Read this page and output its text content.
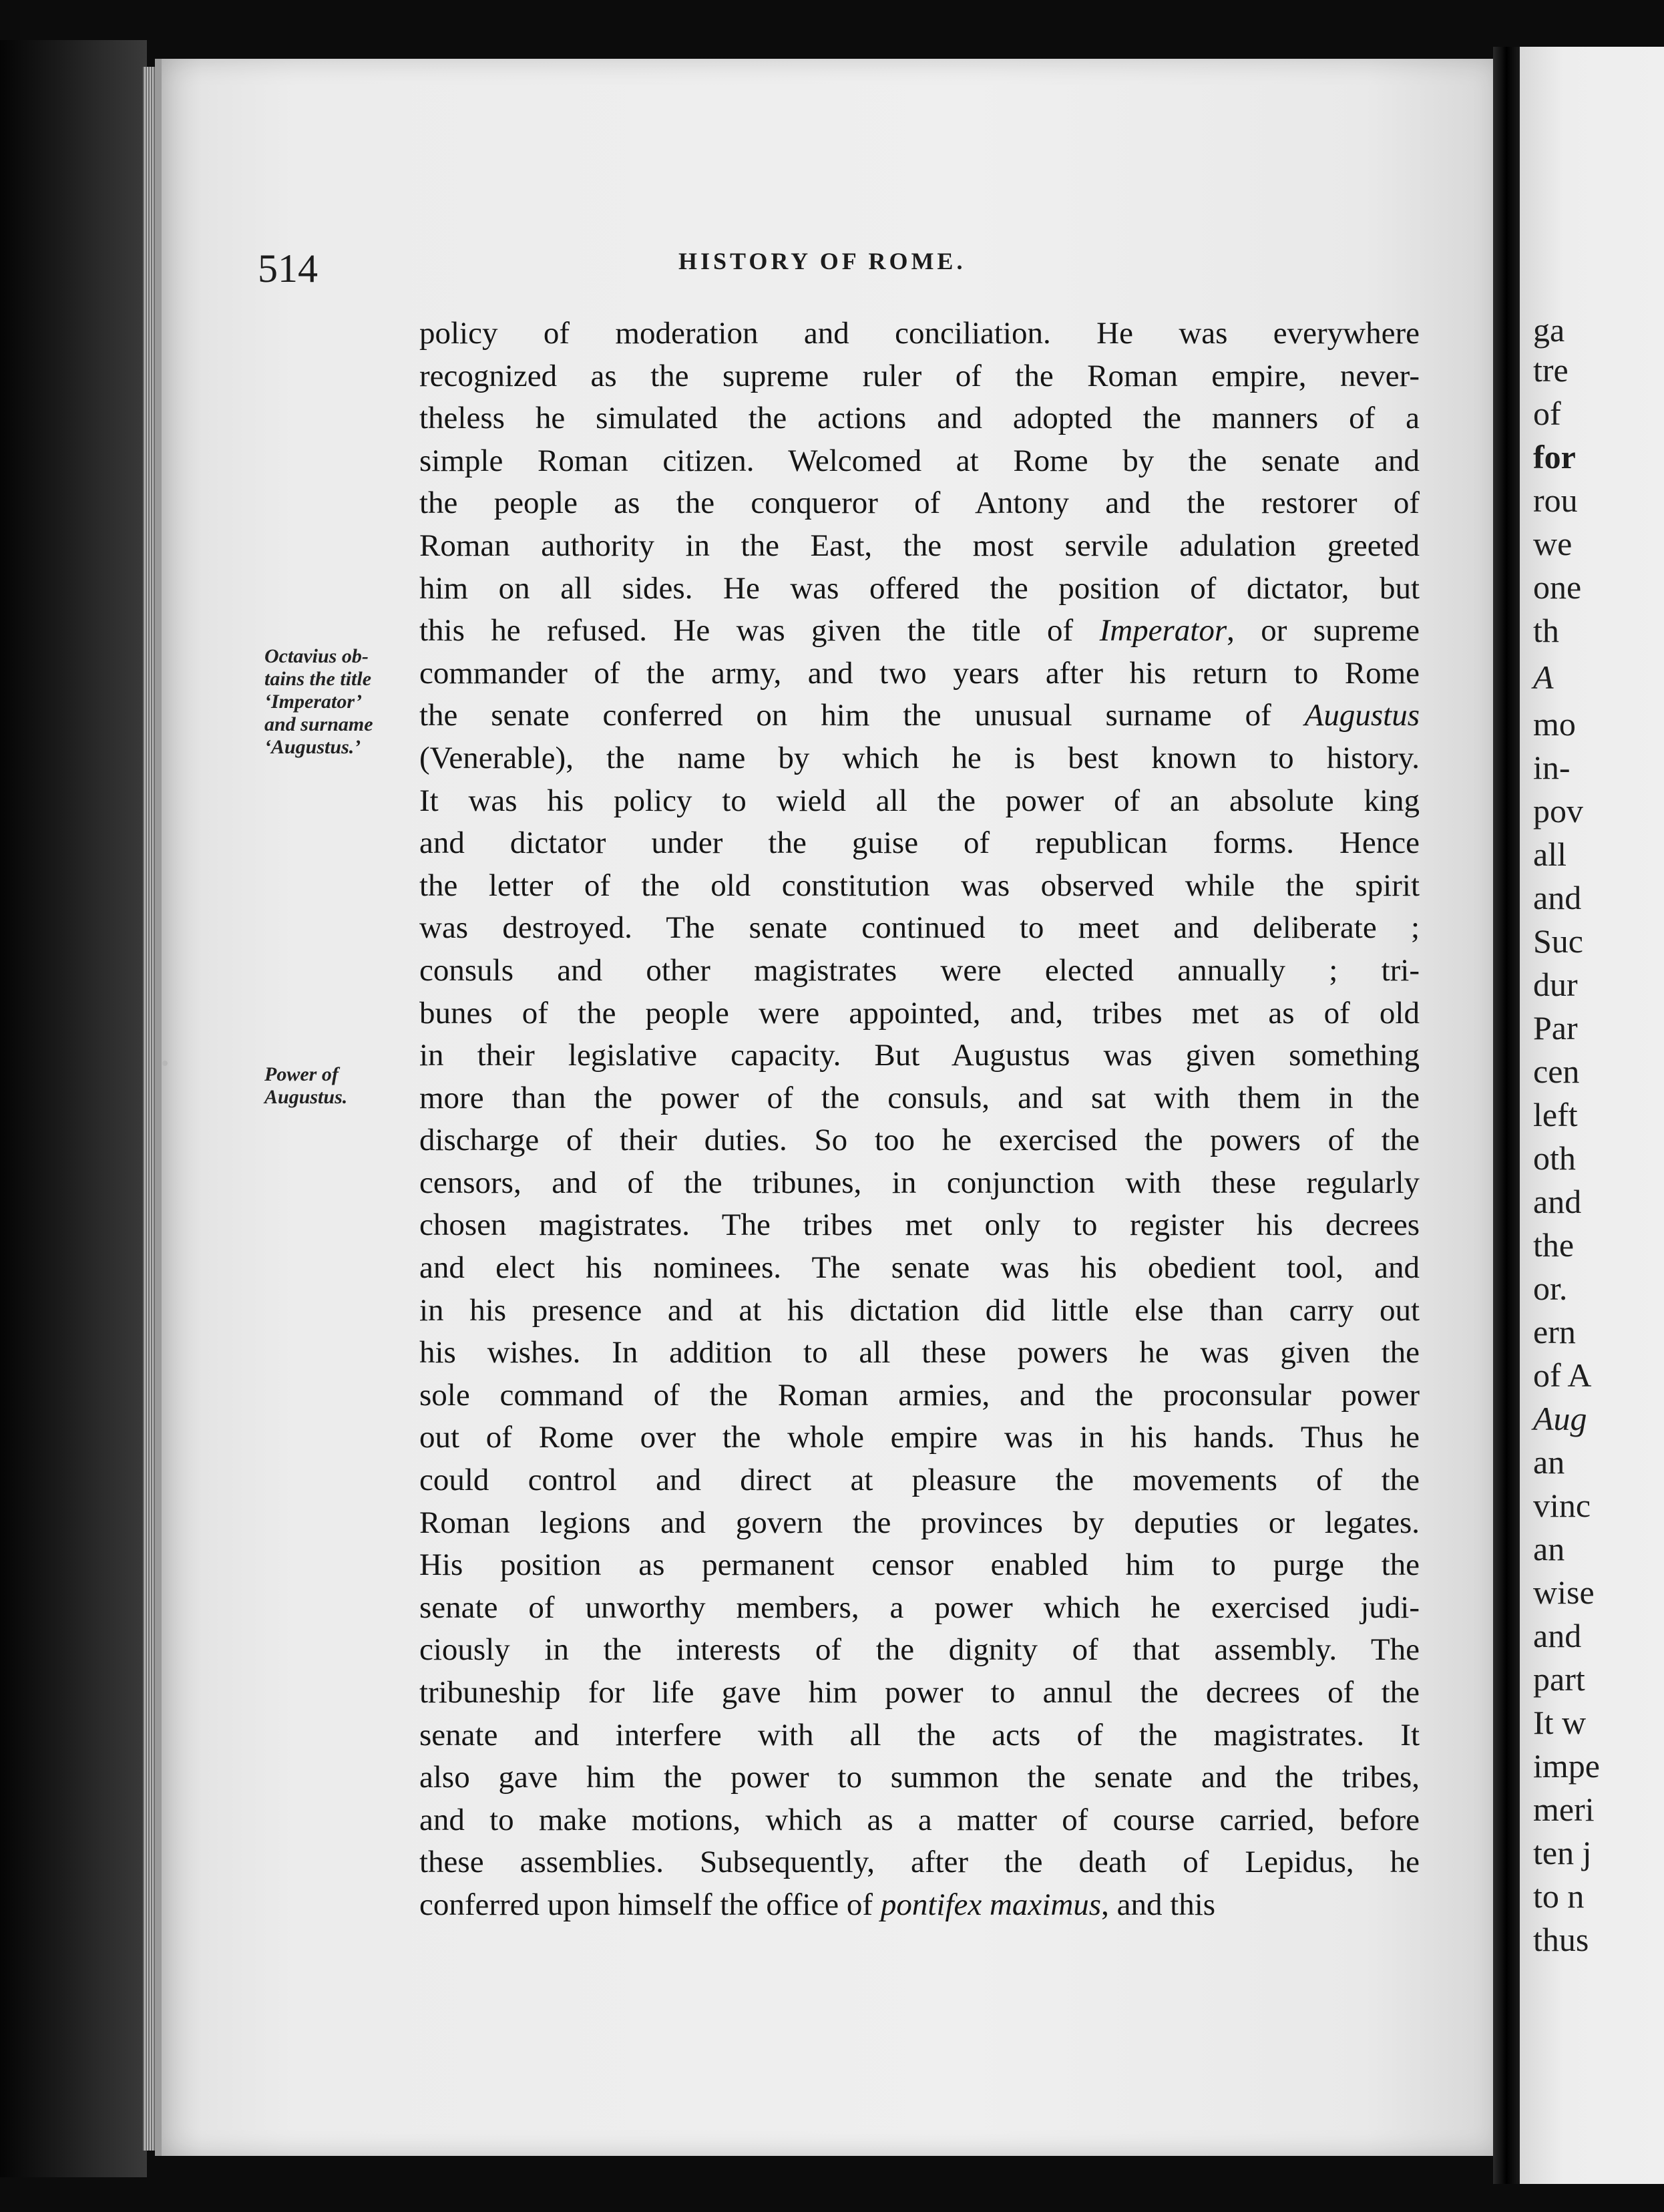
514	HISTORY OF ROME.
Octavius ob-
tains the title
‘Imperator’
and surname
‘Augustus.’
Power of
Augustus.
policy of moderation and conciliation. He was everywhere
recognized as the supreme ruler of the Roman empire, never-
theless he simulated the actions and adopted the manners of a
simple Roman citizen. Welcomed at Rome by the senate and
the people as the conqueror of Antony and the restorer of
Roman authority in the East, the most servile adulation greeted
him on all sides. He was offered the position of dictator, but
this he refused. He was given the title of Imperator, or supreme
commander of the army, and two years after his return to Rome
the senate conferred on him the unusual surname of Augustus
(Venerable), the name by which he is best known to history.
It was his policy to wield all the power of an absolute king
and dictator under the guise of republican forms. Hence
the letter of the old constitution was observed while the spirit
was destroyed. The senate continued to meet and deliberate ;
consuls and other magistrates were elected annually ; tri-
bunes of the people were appointed, and, tribes met as of old
in their legislative capacity. But Augustus was given something
more than the power of the consuls, and sat with them in the
discharge of their duties. So too he exercised the powers of the
censors, and of the tribunes, in conjunction with these regularly
chosen magistrates. The tribes met only to register his decrees
and elect his nominees. The senate was his obedient tool, and
in his presence and at his dictation did little else than carry out
his wishes. In addition to all these powers he was given the
sole command of the Roman armies, and the proconsular power
out of Rome over the whole empire was in his hands. Thus he
could control and direct at pleasure the movements of the
Roman legions and govern the provinces by deputies or legates.
His position as permanent censor enabled him to purge the
senate of unworthy members, a power which he exercised judi-
ciously in the interests of the dignity of that assembly. The
tribuneship for life gave him power to annul the decrees of the
senate and interfere with all the acts of the magistrates. It
also gave him the power to summon the senate and the tribes,
and to make motions, which as a matter of course carried, before
these assemblies. Subsequently, after the death of Lepidus, he
conferred upon himself the office of pontifex maximus, and this
ga
tre
of
for
rou
we
one
th
A
mo
in-
pov
all
and
Suc
dur
Par
cen
left
oth
and
the
or.
ern
of A
Aug
an
vinc
an
wise
and
part
It w
impe
meri
ten j
to n
thus
